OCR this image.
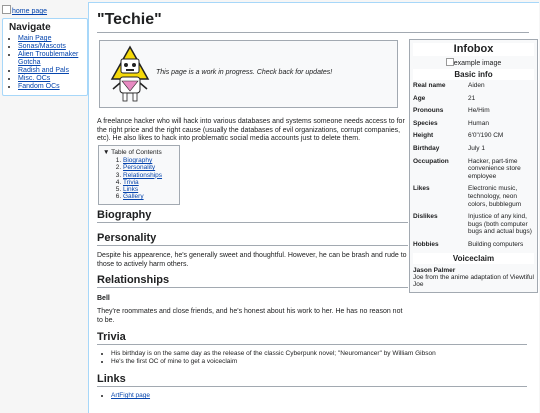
home page
Navigate
• Main Page
• Sonas/Mascots
• Alien Troublemaker Gotcha
• Radish and Pals
• Misc. OCs
• Fandom OCs
"Techie"
This page is a work in progress. Check back for updates!
A freelance hacker who will hack into various databases and systems someone needs access to for the right price and the right cause (usually the databases of evil organizations, corrupt companies, etc). He also likes to hack into problematic social media accounts just to delete them.
▼ Table of Contents
1. Biography
2. Personality
3. Relationships
4. Trivia
5. Links
6. Gallery
Biography
Personality
Despite his appearence, he's generally sweet and thoughtful. However, he can be brash and rude to those to actively harm others.
Relationships
Bell
They're roommates and close friends, and he's honest about his work to her. He has no reason not to be.
Trivia
• His birthday is on the same day as the release of the classic Cyberpunk novel; "Neuromancer" by William Gibson
• He's the first OC of mine to get a voiceclaim
Links
• ArtFight page
Infobox
example image
Basic info
Real name	Aiden
Age	21
Pronouns	He/Him
Species	Human
Height	6'0"/190 CM
Birthday	July 1
Occupation	Hacker, part-time convenience store employee
Likes	Electronic music, technology, neon colors, bubblegum
Dislikes	Injustice of any kind, bugs (both computer bugs and actual bugs)
Hobbies	Building computers
Voiceclaim
Jason Palmer
Joe from the anime adaptation of Viewtiful Joe
